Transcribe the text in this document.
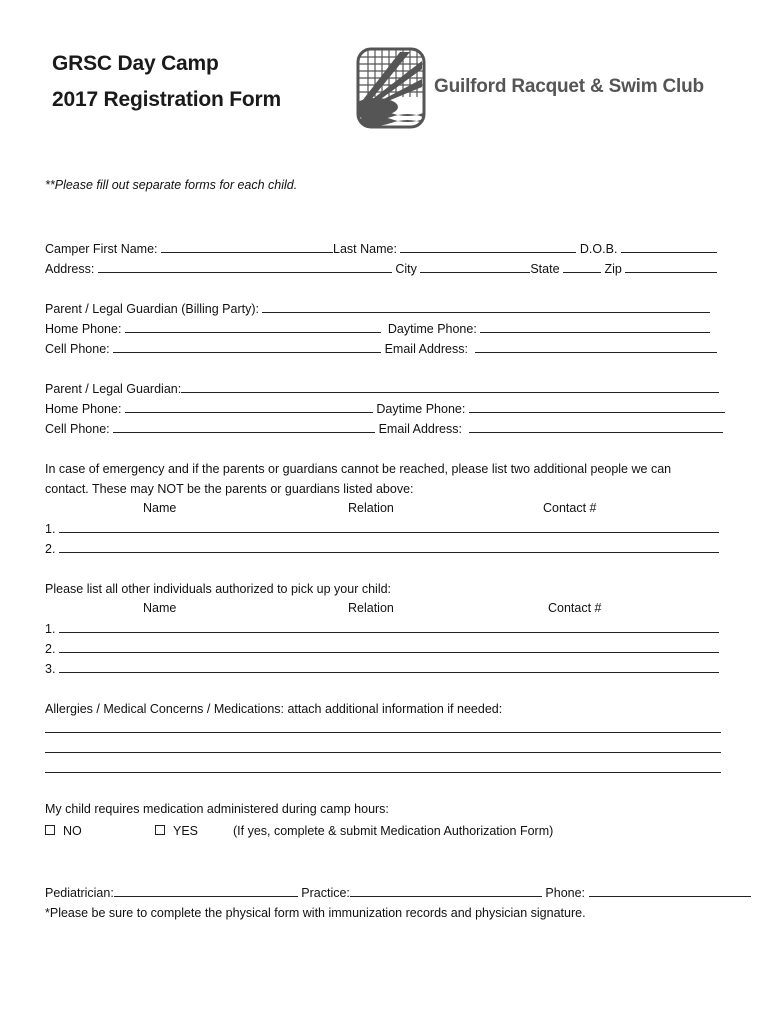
GRSC Day Camp
2017 Registration Form
Guilford Racquet & Swim Club
**Please fill out separate forms for each child.
Camper First Name:	Last Name:	D.O.B.
Address:	City	State	Zip
Parent / Legal Guardian (Billing Party):
Home Phone:	Daytime Phone:
Cell Phone:	Email Address:
Parent / Legal Guardian:
Home Phone:	Daytime Phone:
Cell Phone:	Email Address:
In case of emergency and if the parents or guardians cannot be reached, please list two additional people we can
contact. These may NOT be the parents or guardians listed above:
Name	Relation	Contact #
1.
2.
Please list all other individuals authorized to pick up your child:
Name	Relation	Contact #
1.
2.
3.
Allergies / Medical Concerns / Medications: attach additional information if needed:
My child requires medication administered during camp hours:
NO	YES	(If yes, complete & submit Medication Authorization Form)
Pediatrician:	Practice:	Phone:
*Please be sure to complete the physical form with immunization records and physician signature.
